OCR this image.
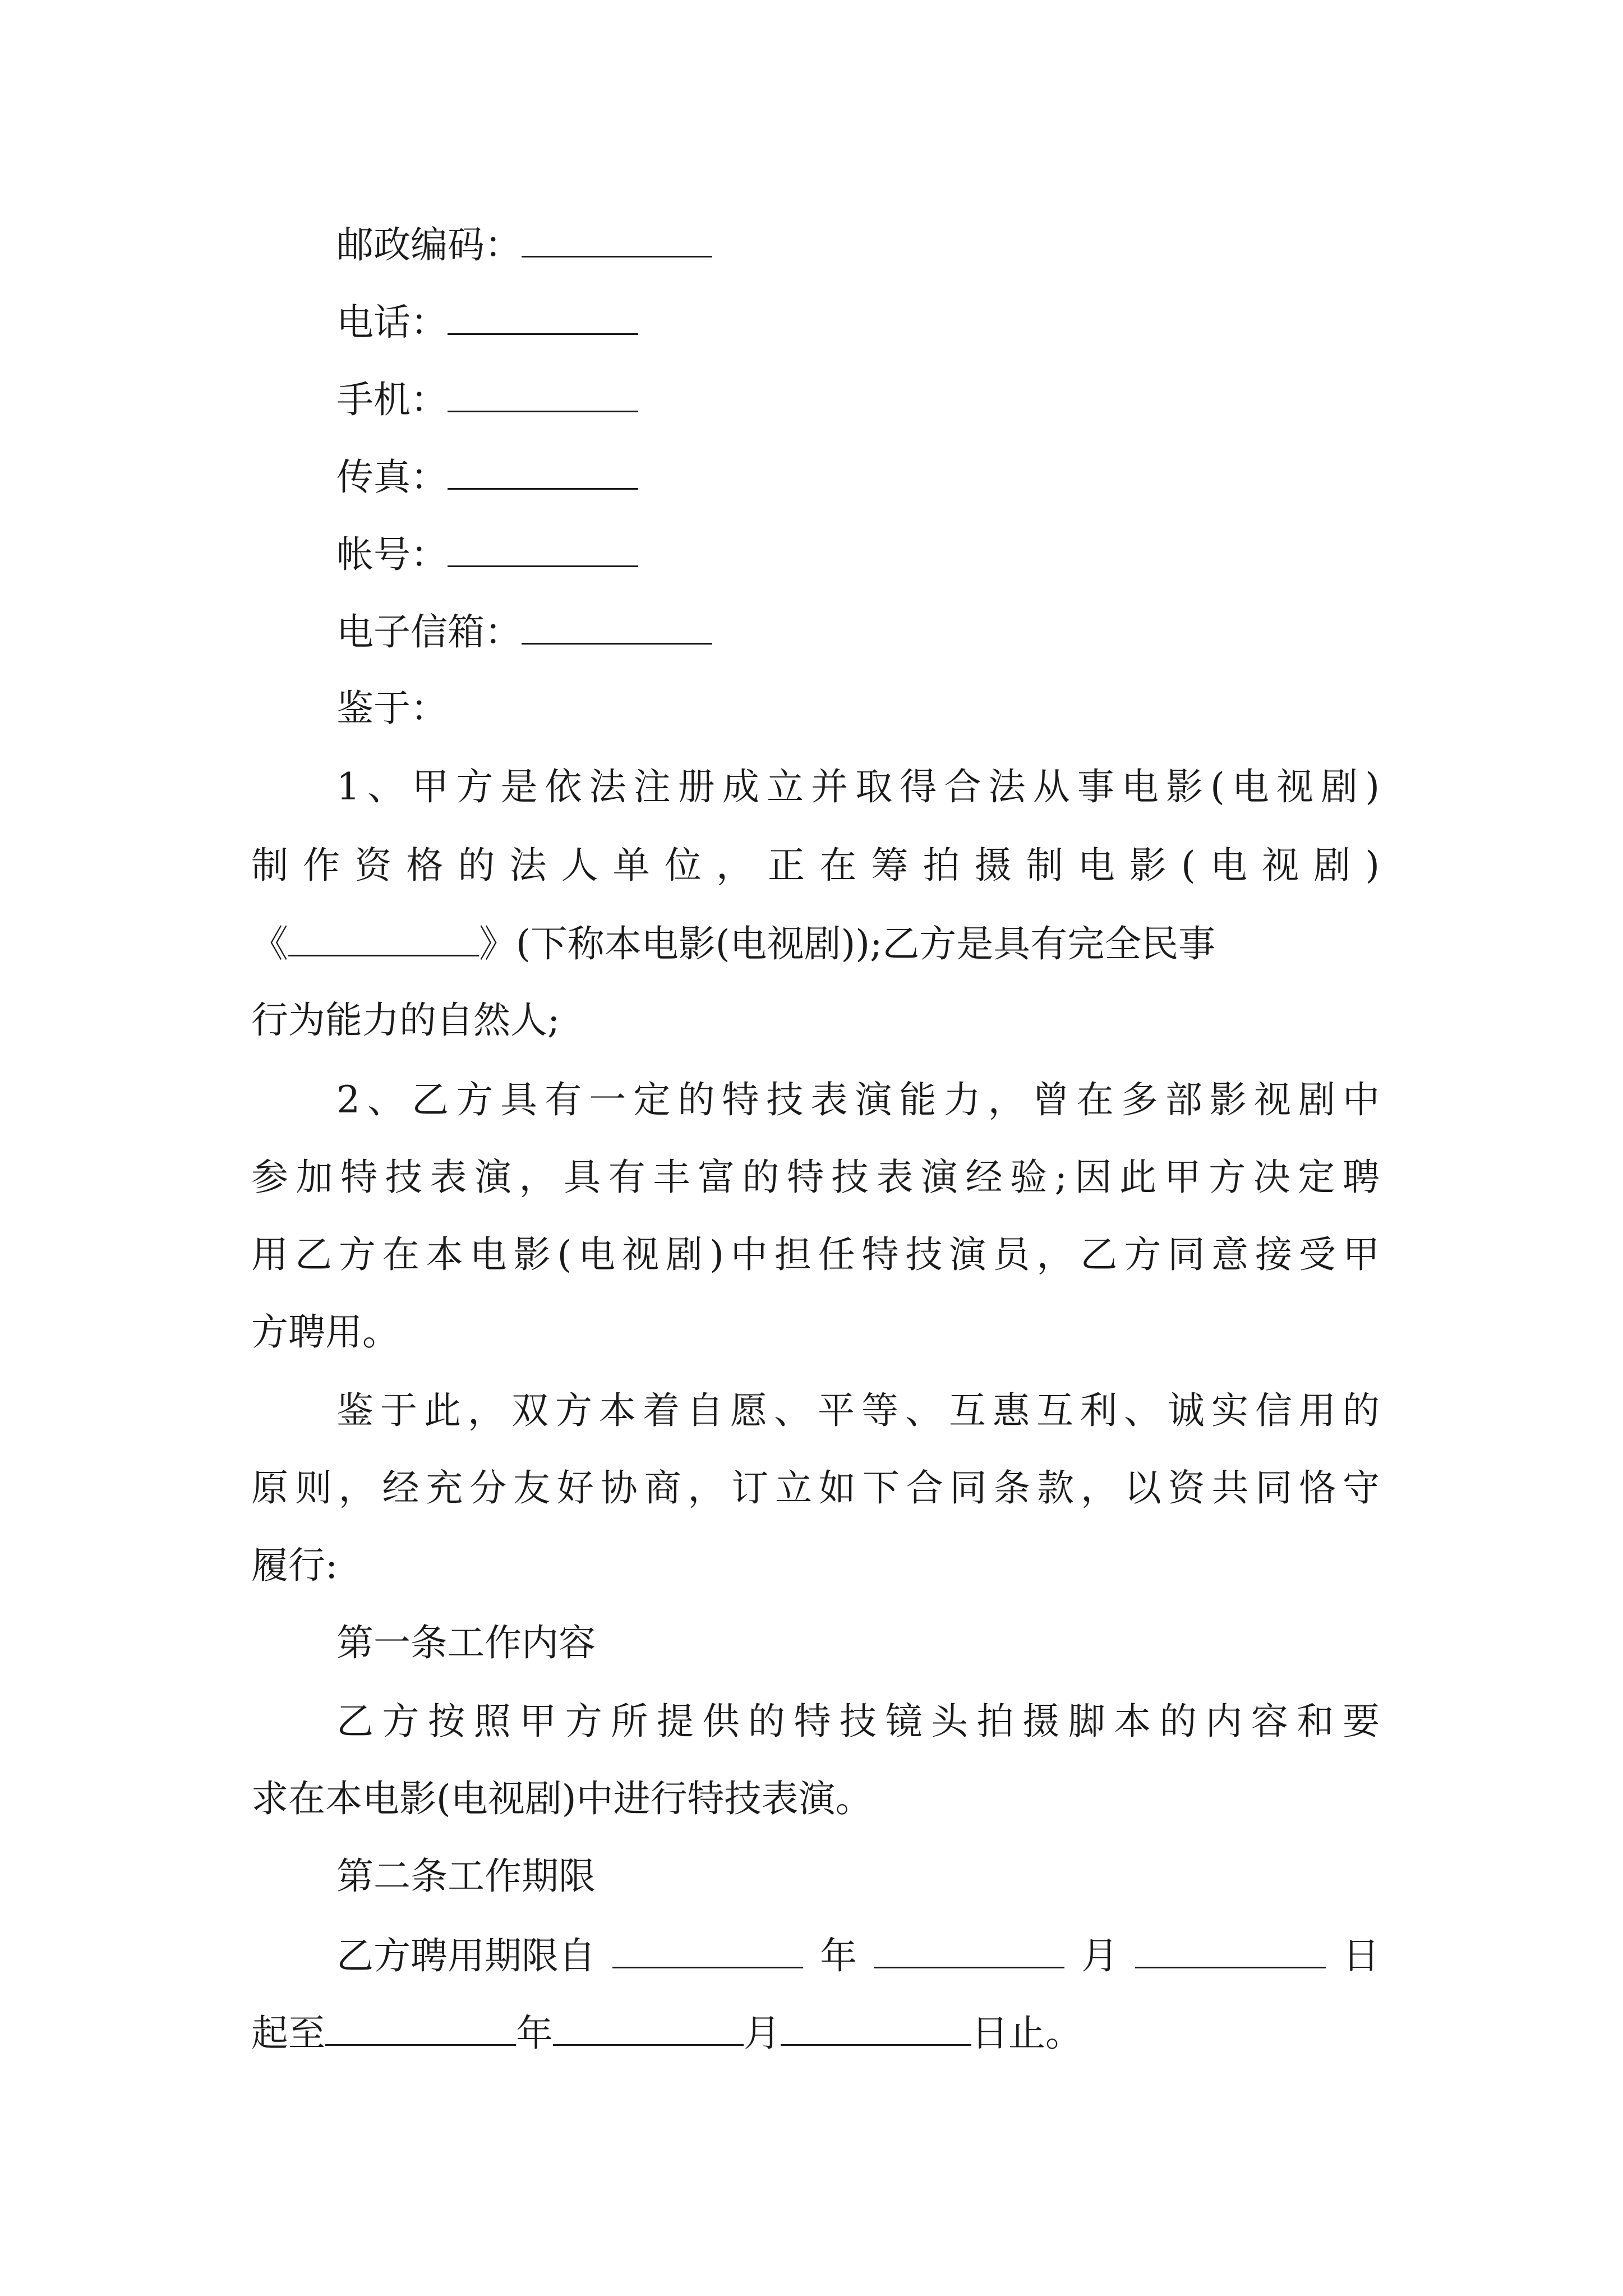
邮政编码：
电话：
手机：
传真：
帐号：
电子信箱：
鉴于：
1、甲方是依法注册成立并取得合法从事电影(电视剧)
制作资格的法人单位，正在筹拍摄制电影(电视剧)
《	》(下称本电影(电视剧));乙方是具有完全民事
行为能力的自然人;
2、乙方具有一定的特技表演能力，曾在多部影视剧中
参加特技表演，具有丰富的特技表演经验;因此甲方决定聘
用乙方在本电影(电视剧)中担任特技演员，乙方同意接受甲
方聘用。
鉴于此，双方本着自愿、平等、互惠互利、诚实信用的
原则，经充分友好协商，订立如下合同条款，以资共同恪守
履行:
第一条工作内容
乙方按照甲方所提供的特技镜头拍摄脚本的内容和要
求在本电影(电视剧)中进行特技表演。
第二条工作期限
乙方聘用期限自	年	月	日
起至	年	月	日止。
